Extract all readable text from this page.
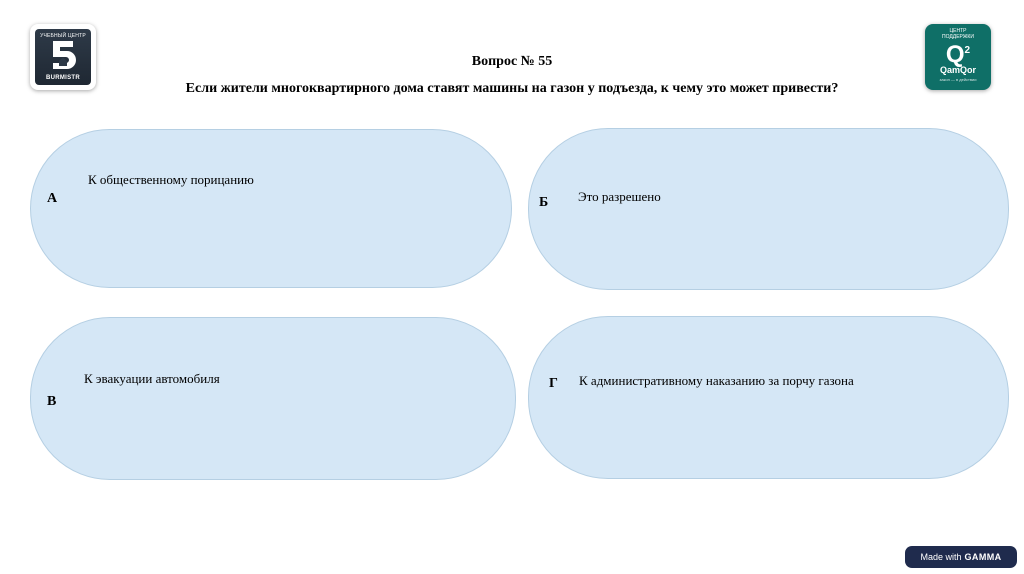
УЧЕБНЫЙ ЦЕНТР
BURMISTR
ЦЕНТР
ПОДДЕРЖКИ
$Q^2$
QamQor
закон — в действии
Вопрос № 55
Если жители многоквартирного дома ставят машины на газон у подъезда, к чему это может привести?
А
К общественному порицанию
Б Это разрешено
В
К эвакуации автомобиля	Г К административному наказанию за порчу газона
Made with GAMMA
